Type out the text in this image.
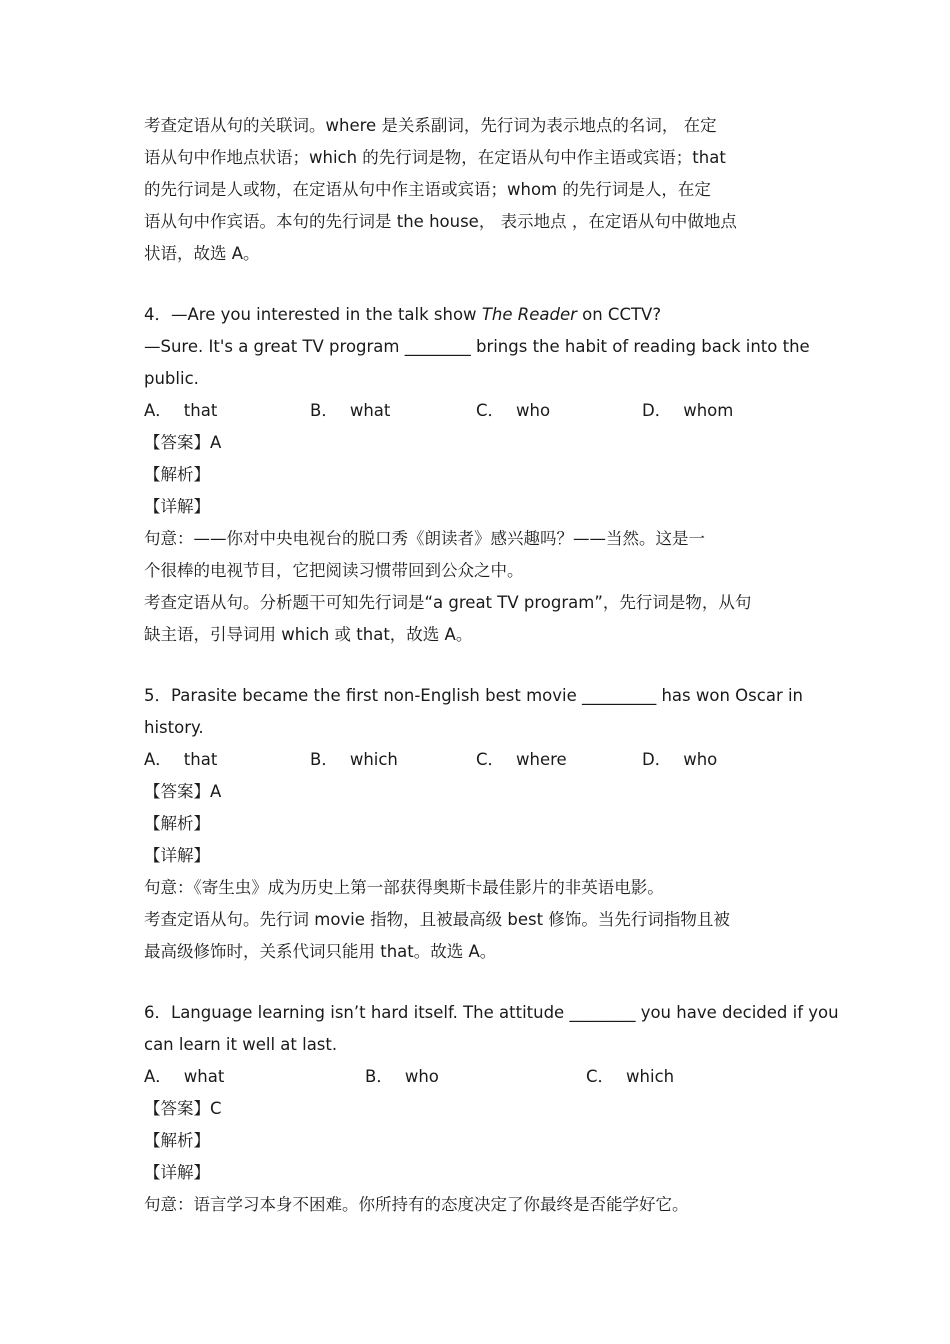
考查定语从句的关联词。where 是关系副词，先行词为表示地点的名词， 在定
语从句中作地点状语；which 的先行词是物，在定语从句中作主语或宾语；that
的先行词是人或物，在定语从句中作主语或宾语；whom 的先行词是人，在定
语从句中作宾语。本句的先行词是 the house， 表示地点 ，在定语从句中做地点
状语，故选 A。
4．—Are you interested in the talk show The Reader on CCTV?
—Sure. It's a great TV program ________ brings the habit of reading back into the
public.
A． that	B． what	C． who	D． whom
【答案】A
【解析】
【详解】
句意：——你对中央电视台的脱口秀《朗读者》感兴趣吗？——当然。这是一
个很棒的电视节目，它把阅读习惯带回到公众之中。
考查定语从句。分析题干可知先行词是“a great TV program”，先行词是物，从句
缺主语，引导词用 which 或 that，故选 A。
5．Parasite became the first non-English best movie _________ has won Oscar in
history.
A． that	B． which	C． where	D． who
【答案】A
【解析】
【详解】
句意：《寄生虫》成为历史上第一部获得奥斯卡最佳影片的非英语电影。
考查定语从句。先行词 movie 指物，且被最高级 best 修饰。当先行词指物且被
最高级修饰时，关系代词只能用 that。故选 A。
6．Language learning isn’t hard itself. The attitude ________ you have decided if you
can learn it well at last.
A． what	B． who	C． which
【答案】C
【解析】
【详解】
句意：语言学习本身不困难。你所持有的态度决定了你最终是否能学好它。
